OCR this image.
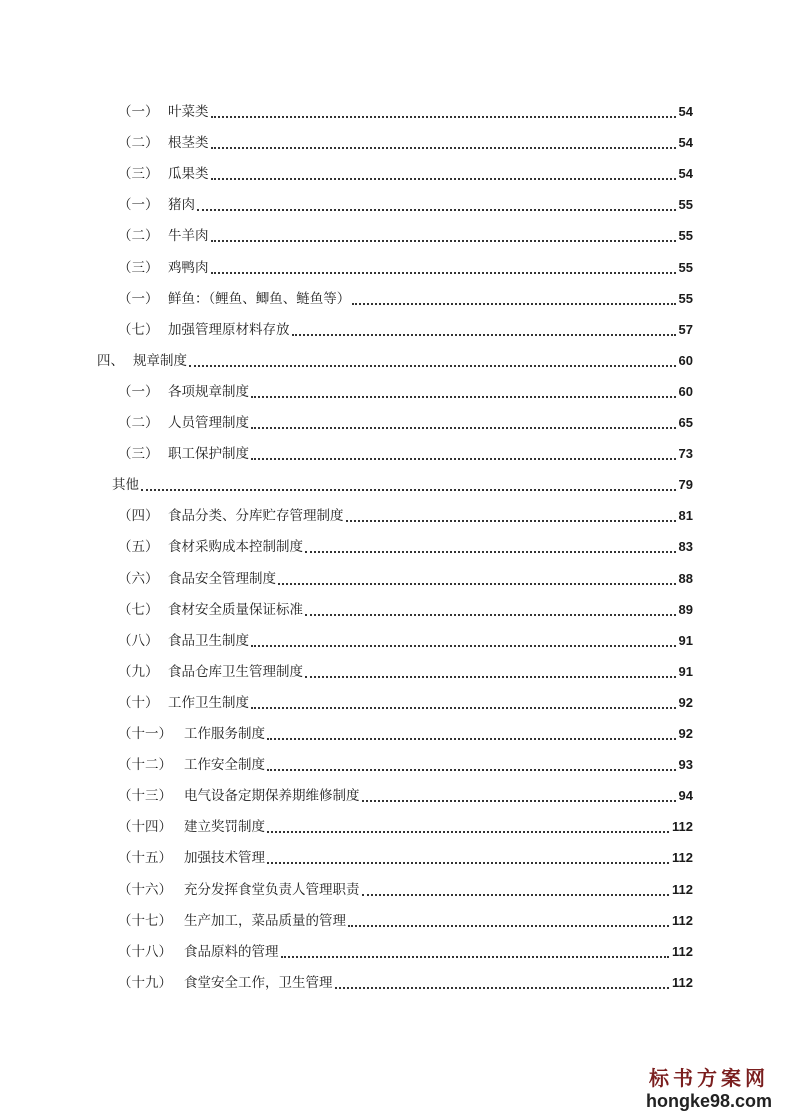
（一） 叶菜类	54
（二） 根茎类	54
（三） 瓜果类	54
（一） 猪肉	55
（二） 牛羊肉	55
（三） 鸡鸭肉	55
（一） 鲜鱼：（鲤鱼、鲫鱼、鲢鱼等）	55
（七） 加强管理原材料存放	57
四、 规章制度	60
（一） 各项规章制度	60
（二） 人员管理制度	65
（三） 职工保护制度	73
其他	79
（四） 食品分类、分库贮存管理制度	81
（五） 食材采购成本控制制度	83
（六） 食品安全管理制度	88
（七） 食材安全质量保证标准	89
（八） 食品卫生制度	91
（九） 食品仓库卫生管理制度	91
（十） 工作卫生制度	92
（十一） 工作服务制度	92
（十二） 工作安全制度	93
（十三） 电气设备定期保养期维修制度	94
（十四） 建立奖罚制度	112
（十五） 加强技术管理	112
（十六） 充分发挥食堂负责人管理职责	112
（十七） 生产加工，菜品质量的管理	112
（十八） 食品原料的管理	112
（十九） 食堂安全工作，卫生管理	112
标书方案网
hongke98.com
